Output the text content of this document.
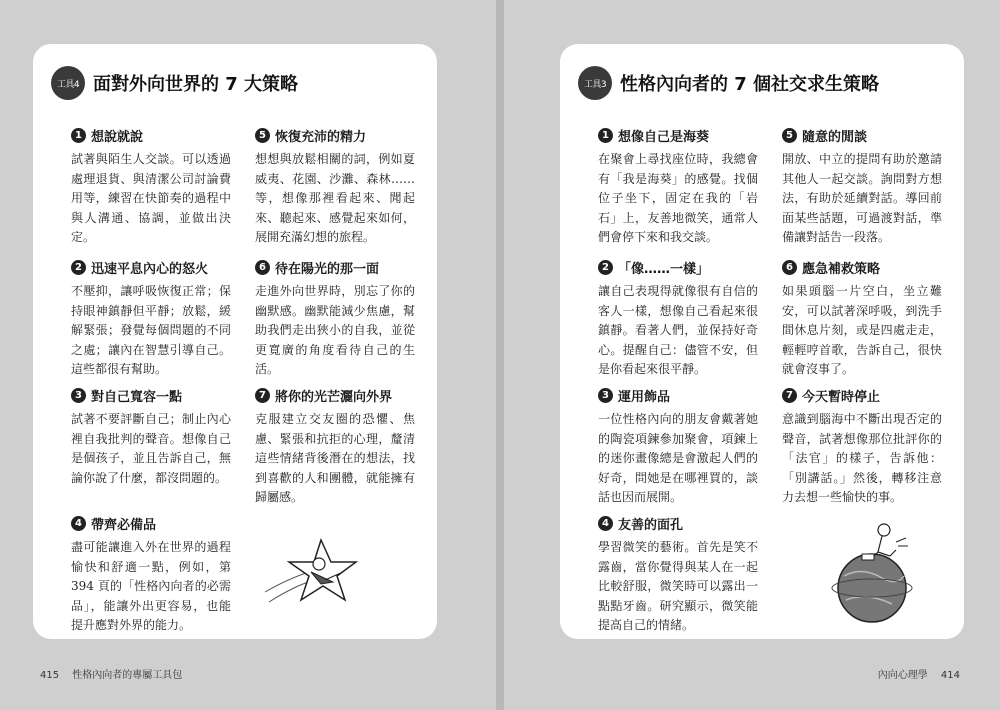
工具4 面對外向世界的 7 大策略
1 想說就說
試著與陌生人交談。可以透過處理退貨、與清潔公司討論費用等，練習在快節奏的過程中與人溝通、協調，並做出決定。
2 迅速平息內心的怒火
不壓抑，讓呼吸恢復正常；保持眼神鎮靜但平靜；放鬆，緩解緊張；發覺每個問題的不同之處；讓內在智慧引導自己。這些都很有幫助。
3 對自己寬容一點
試著不要評斷自己；制止內心裡自我批判的聲音。想像自己是個孩子，並且告訴自己，無論你說了什麼，都沒問題的。
4 帶齊必備品
盡可能讓進入外在世界的過程愉快和舒適一點，例如，第 394 頁的「性格內向者的必需品」，能讓外出更容易，也能提升應對外界的能力。
5 恢復充沛的精力
想想與放鬆相關的詞，例如夏威夷、花園、沙灘、森林……等，想像那裡看起來、聞起來、聽起來、感覺起來如何，展開充滿幻想的旅程。
6 待在陽光的那一面
走進外向世界時，別忘了你的幽默感。幽默能減少焦慮，幫助我們走出狹小的自我，並從更寬廣的角度看待自己的生活。
7 將你的光芒灑向外界
克服建立交友圈的恐懼、焦慮、緊張和抗拒的心理，釐清這些情緒背後潛在的想法，找到喜歡的人和團體，就能擁有歸屬感。
415 性格內向者的專屬工具包
工具3 性格內向者的 7 個社交求生策略
1 想像自己是海葵
在聚會上尋找座位時，我總會有「我是海葵」的感覺。找個位子坐下，固定在我的「岩石」上，友善地微笑，通常人們會停下來和我交談。
2 「像……一樣」
讓自己表現得就像很有自信的客人一樣，想像自己看起來很鎮靜。看著人們，並保持好奇心。提醒自己：儘管不安，但是你看起來很平靜。
3 運用飾品
一位性格內向的朋友會戴著她的陶瓷項鍊參加聚會，項鍊上的迷你畫像總是會激起人們的好奇，問她是在哪裡買的，談話也因而展開。
4 友善的面孔
學習微笑的藝術。首先是笑不露齒，當你覺得與某人在一起比較舒服，微笑時可以露出一點點牙齒。研究顯示，微笑能提高自己的情緒。
5 隨意的閒談
開放、中立的提問有助於邀請其他人一起交談。詢問對方想法，有助於延續對話。導回前面某些話題，可過渡對話，準備讓對話告一段落。
6 應急補救策略
如果頭腦一片空白，坐立難安，可以試著深呼吸，到洗手間休息片刻，或是四處走走，輕輕哼首歌，告訴自己，很快就會沒事了。
7 今天暫時停止
意識到腦海中不斷出現否定的聲音，試著想像那位批評你的「法官」的樣子，告訴他：「別講話。」然後，轉移注意力去想一些愉快的事。
內向心理學 414
